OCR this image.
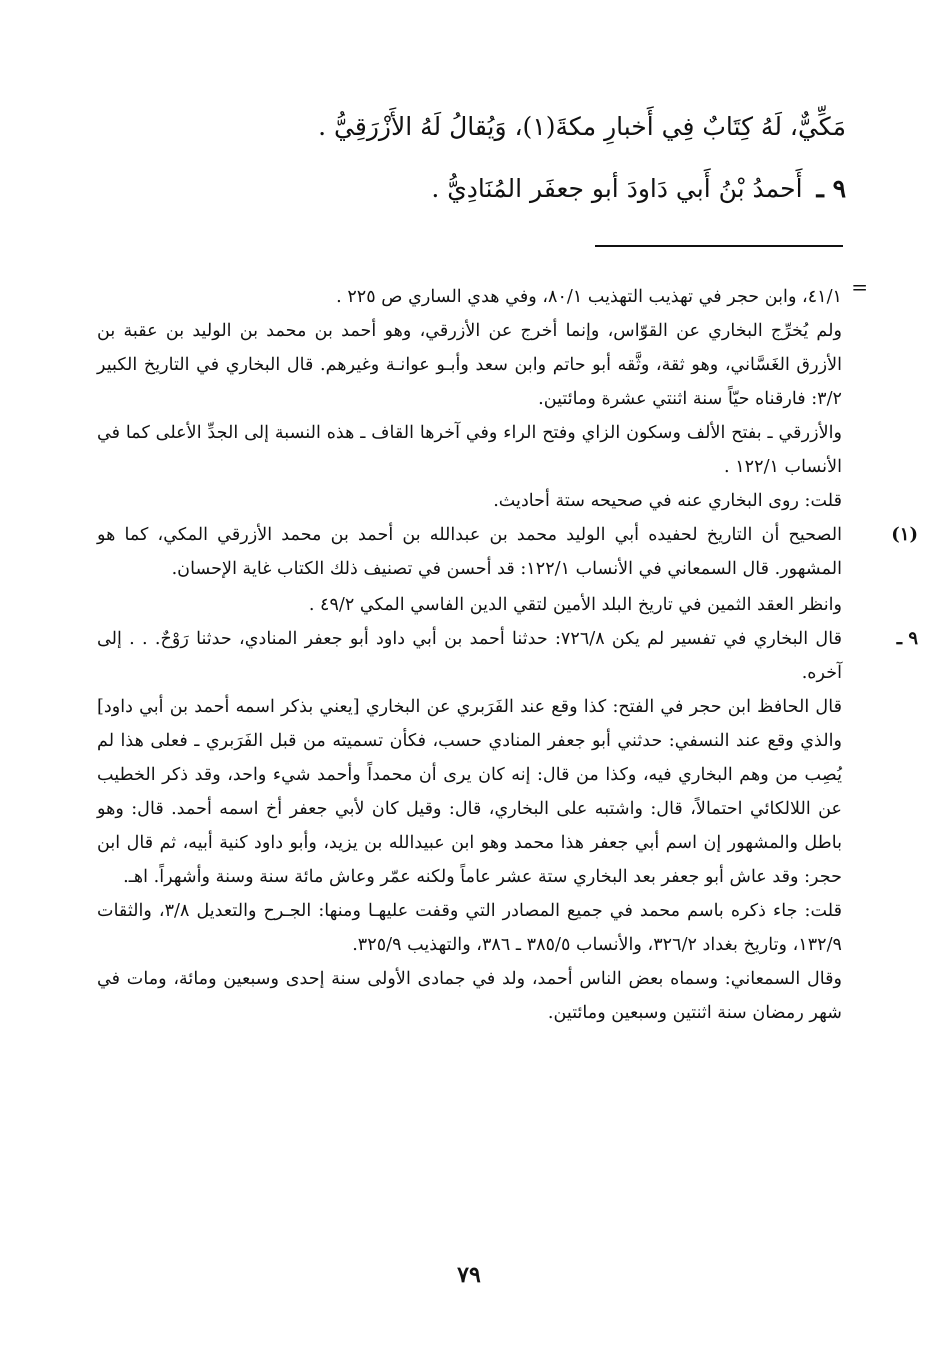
مَكِّيٌّ، لَهُ كِتَابٌ فِي أَخبارِ مكةَ(١)، وَيُقالُ لَهُ الأَزْرَقِيُّ .
٩ ـ
أَحمدُ بْنُ أَبي دَاودَ أبو جعفَر المُنَادِيُّ .
=

٤١/١، وابن حجر في تهذيب التهذيب ٨٠/١، وفي هدي الساري ص ٢٢٥ .

ولم يُخرِّج البخاري عن القوّاس، وإنما أخرج عن الأزرقي، وهو أحمد بن محمد بن الوليد بن عقبة بن الأزرق الغَسَّاني، وهو ثقة، وثَّقه أبو حاتم وابن سعد وأبـو عوانـة وغيرهم. قال البخاري في التاريخ الكبير ٣/٢: فارقناه حيّاً سنة اثنتي عشرة ومائتين.

والأزرقي ـ بفتح الألف وسكون الزاي وفتح الراء وفي آخرها القاف ـ هذه النسبة إلى الجدِّ الأعلى كما في الأنساب ١٢٢/١ .

قلت: روى البخاري عنه في صحيحه ستة أحاديث.

(١)

الصحيح أن التاريخ لحفيده أبي الوليد محمد بن عبدالله بن أحمد بن محمد الأزرقي المكي، كما هو المشهور. قال السمعاني في الأنساب ١٢٢/١: قد أحسن في تصنيف ذلك الكتاب غاية الإحسان.

وانظر العقد الثمين في تاريخ البلد الأمين لتقي الدين الفاسي المكي ٤٩/٢ .

٩ ـ

قال البخاري في تفسير لم يكن ٧٢٦/٨: حدثنا أحمد بن أبي داود أبو جعفر المنادي، حدثنا رَوْحٌ. . . إلى آخره.

قال الحافظ ابن حجر في الفتح: كذا وقع عند الفَرَبري عن البخاري [يعني بذكر اسمه أحمد بن أبي داود] والذي وقع عند النسفي: حدثني أبو جعفر المنادي حسب، فكأن تسميته من قبل الفَرَبري ـ فعلى هذا لم يُصِب من وهم البخاري فيه، وكذا من قال: إنه كان يرى أن محمداً وأحمد شيء واحد، وقد ذكر الخطيب عن اللالكائي احتمالاً، قال: واشتبه على البخاري، قال: وقيل كان لأبي جعفر أخ اسمه أحمد. قال: وهو باطل والمشهور إن اسم أبي جعفر هذا محمد وهو ابن عبيدالله بن يزيد، وأبو داود كنية أبيه، ثم قال ابن حجر: وقد عاش أبو جعفر بعد البخاري ستة عشر عاماً ولكنه عمّر وعاش مائة سنة وسنة وأشهراً. اهـ.

قلت: جاء ذكره باسم محمد في جميع المصادر التي وقفت عليهـا ومنها: الجـرح والتعديل ٣/٨، والثقات ١٣٢/٩، وتاريخ بغداد ٣٢٦/٢، والأنساب ٣٨٥/٥ ـ ٣٨٦، والتهذيب ٣٢٥/٩.

وقال السمعاني: وسماه بعض الناس أحمد، ولد في جمادى الأولى سنة إحدى وسبعين ومائة، ومات في شهر رمضان سنة اثنتين وسبعين ومائتين.

٧٩
